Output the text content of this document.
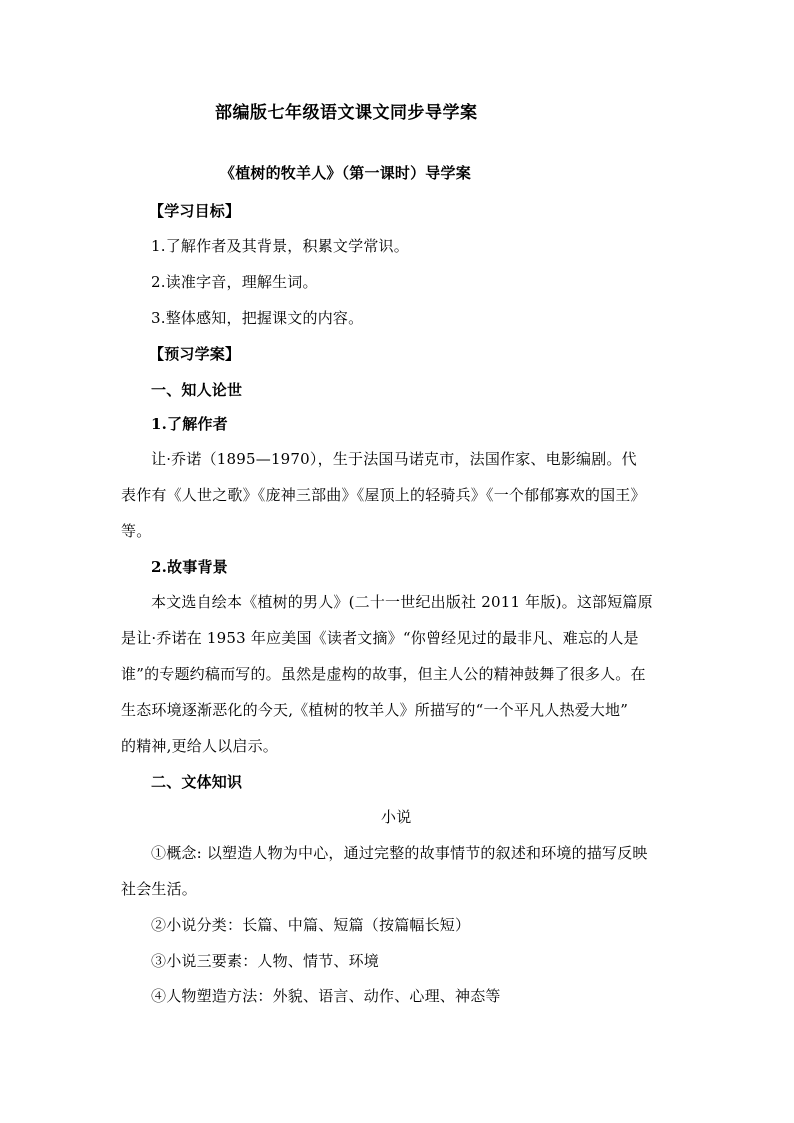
部编版七年级语文课文同步导学案
《植树的牧羊人》（第一课时）导学案
【学习目标】
1.了解作者及其背景，积累文学常识。
2.读准字音，理解生词。
3.整体感知，把握课文的内容。
【预习学案】
一、知人论世
1.了解作者
让·乔诺（1895—1970），生于法国马诺克市，法国作家、电影编剧。代
表作有《人世之歌》《庞神三部曲》《屋顶上的轻骑兵》《一个郁郁寡欢的国王》
等。
2.故事背景
本文选自绘本《植树的男人》(二十一世纪出版社 2011 年版)。这部短篇原
是让·乔诺在 1953 年应美国《读者文摘》“你曾经见过的最非凡、难忘的人是
谁”的专题约稿而写的。虽然是虚构的故事，但主人公的精神鼓舞了很多人。在
生态环境逐渐恶化的今天,《植树的牧羊人》所描写的“一个平凡人热爱大地”
的精神,更给人以启示。
二、文体知识
小说
①概念: 以塑造人物为中心，通过完整的故事情节的叙述和环境的描写反映
社会生活。
②小说分类：长篇、中篇、短篇（按篇幅长短）
③小说三要素：人物、情节、环境
④人物塑造方法：外貌、语言、动作、心理、神态等
